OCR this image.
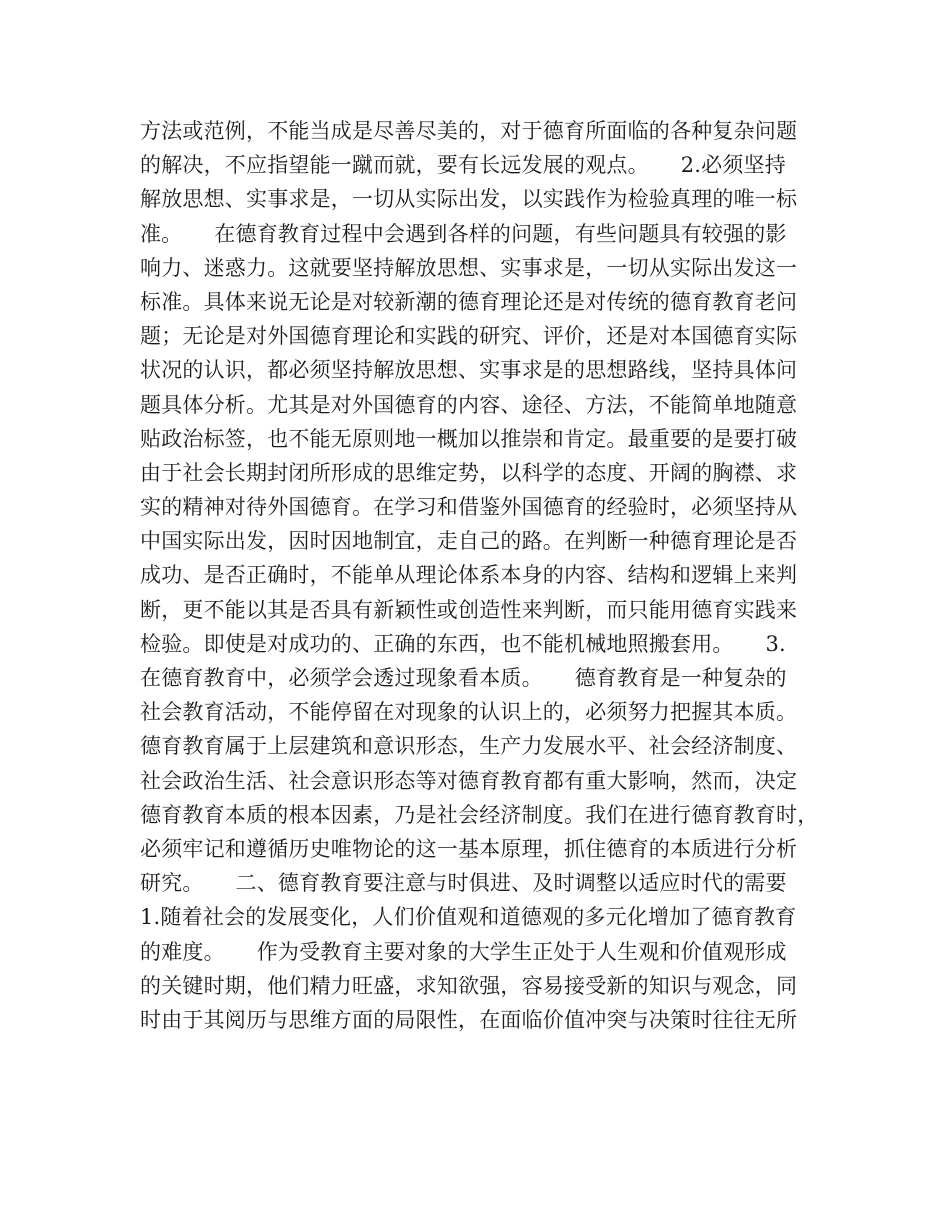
方法或范例，不能当成是尽善尽美的，对于德育所面临的各种复杂问题
的解决，不应指望能一蹴而就，要有长远发展的观点。　　2.必须坚持
解放思想、实事求是，一切从实际出发，以实践作为检验真理的唯一标
准。　　在德育教育过程中会遇到各样的问题，有些问题具有较强的影
响力、迷惑力。这就要坚持解放思想、实事求是，一切从实际出发这一
标准。具体来说无论是对较新潮的德育理论还是对传统的德育教育老问
题；无论是对外国德育理论和实践的研究、评价，还是对本国德育实际
状况的认识，都必须坚持解放思想、实事求是的思想路线，坚持具体问
题具体分析。尤其是对外国德育的内容、途径、方法，不能简单地随意
贴政治标签，也不能无原则地一概加以推崇和肯定。最重要的是要打破
由于社会长期封闭所形成的思维定势，以科学的态度、开阔的胸襟、求
实的精神对待外国德育。在学习和借鉴外国德育的经验时，必须坚持从
中国实际出发，因时因地制宜，走自己的路。在判断一种德育理论是否
成功、是否正确时，不能单从理论体系本身的内容、结构和逻辑上来判
断，更不能以其是否具有新颖性或创造性来判断，而只能用德育实践来
检验。即使是对成功的、正确的东西，也不能机械地照搬套用。　　3.
在德育教育中，必须学会透过现象看本质。　　德育教育是一种复杂的
社会教育活动，不能停留在对现象的认识上的，必须努力把握其本质。
德育教育属于上层建筑和意识形态，生产力发展水平、社会经济制度、
社会政治生活、社会意识形态等对德育教育都有重大影响，然而，决定
德育教育本质的根本因素，乃是社会经济制度。我们在进行德育教育时，
必须牢记和遵循历史唯物论的这一基本原理，抓住德育的本质进行分析
研究。　　二、德育教育要注意与时俱进、及时调整以适应时代的需要
1.随着社会的发展变化，人们价值观和道德观的多元化增加了德育教育
的难度。　　作为受教育主要对象的大学生正处于人生观和价值观形成
的关键时期，他们精力旺盛，求知欲强，容易接受新的知识与观念，同
时由于其阅历与思维方面的局限性，在面临价值冲突与决策时往往无所
